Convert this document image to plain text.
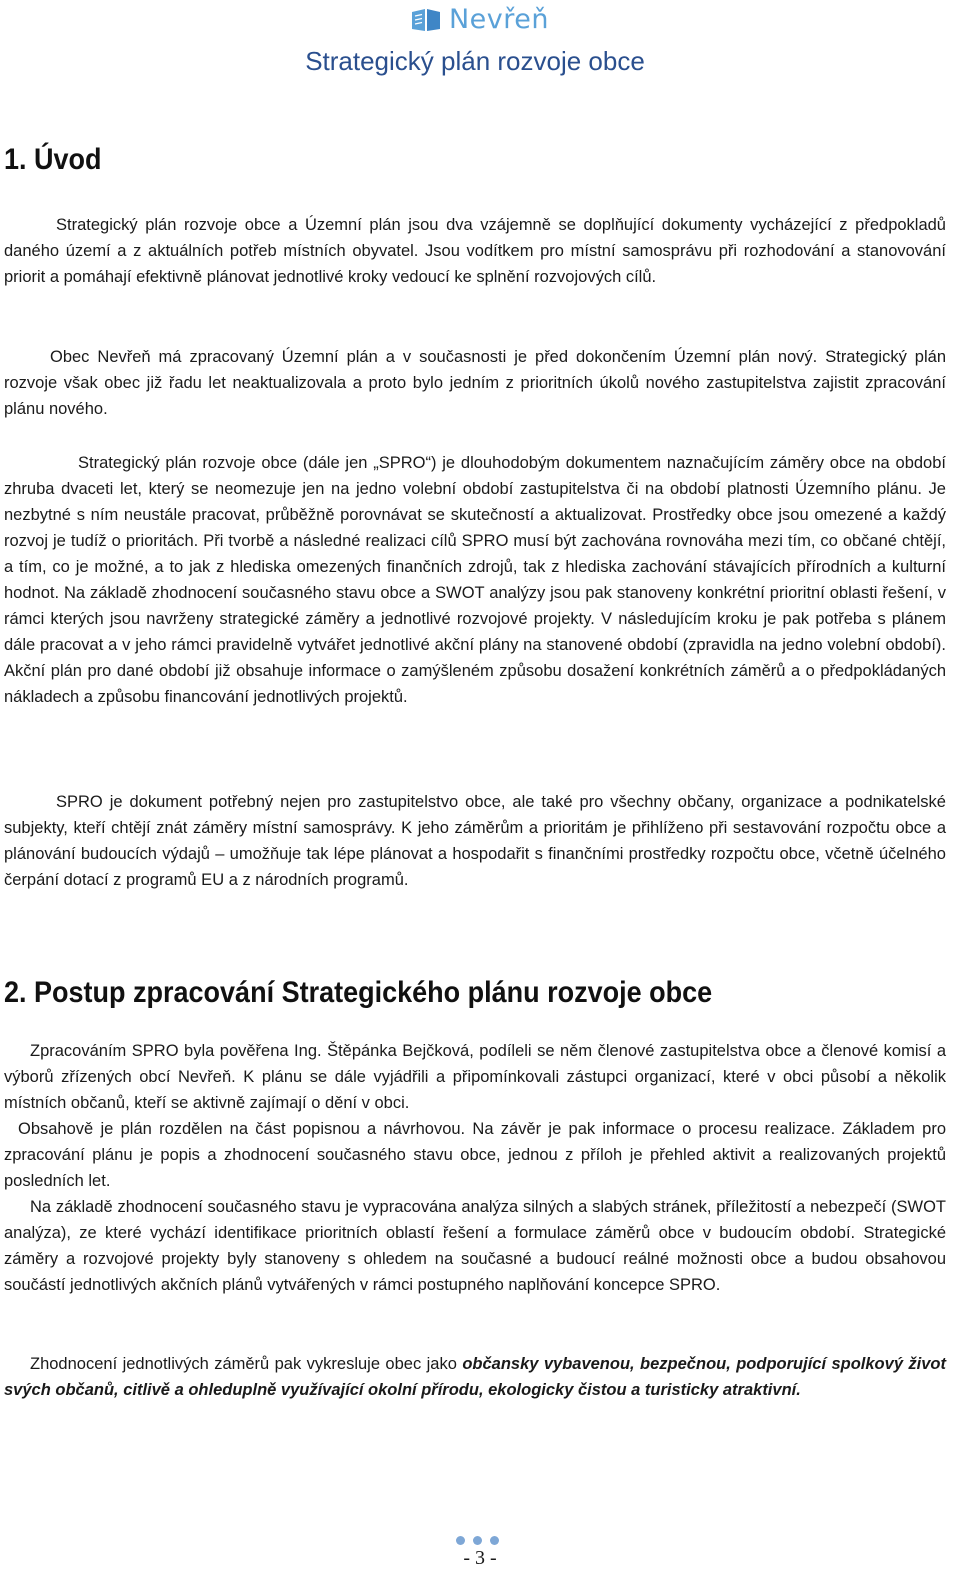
Nevřeň
Strategický plán rozvoje obce
1. Úvod

Strategický plán rozvoje obce a Územní plán jsou dva vzájemně se doplňující dokumenty vycházející z předpokladů daného území a z aktuálních potřeb místních obyvatel. Jsou vodítkem pro místní samosprávu při rozhodování a stanovování priorit a pomáhají efektivně plánovat jednotlivé kroky vedoucí ke splnění rozvojových cílů.

Obec Nevřeň má zpracovaný Územní plán a v současnosti je před dokončením Územní plán nový. Strategický plán rozvoje však obec již řadu let neaktualizovala a proto bylo jedním z prioritních úkolů nového zastupitelstva zajistit zpracování plánu nového.

Strategický plán rozvoje obce (dále jen „SPRO“) je dlouhodobým dokumentem naznačujícím záměry obce na období zhruba dvaceti let, který se neomezuje jen na jedno volební období zastupitelstva či na období platnosti Územního plánu. Je nezbytné s ním neustále pracovat, průběžně porovnávat se skutečností a aktualizovat. Prostředky obce jsou omezené a každý rozvoj je tudíž o prioritách. Při tvorbě a následné realizaci cílů SPRO musí být zachována rovnováha mezi tím, co občané chtějí, a tím, co je možné, a to jak z hlediska omezených finančních zdrojů, tak z hlediska zachování stávajících přírodních a kulturní hodnot. Na základě zhodnocení současného stavu obce a SWOT analýzy jsou pak stanoveny konkrétní prioritní oblasti řešení, v rámci kterých jsou navrženy strategické záměry a jednotlivé rozvojové projekty. V následujícím kroku je pak potřeba s plánem dále pracovat a v jeho rámci pravidelně vytvářet jednotlivé akční plány na stanovené období (zpravidla na jedno volební období). Akční plán pro dané období již obsahuje informace o zamýšleném způsobu dosažení konkrétních záměrů a o předpokládaných nákladech a způsobu financování jednotlivých projektů.

SPRO je dokument potřebný nejen pro zastupitelstvo obce, ale také pro všechny občany, organizace a podnikatelské subjekty, kteří chtějí znát záměry místní samosprávy. K jeho záměrům a prioritám je přihlíženo při sestavování rozpočtu obce a plánování budoucích výdajů – umožňuje tak lépe plánovat a hospodařit s finančními prostředky rozpočtu obce, včetně účelného čerpání dotací z programů EU a z národních programů.

2. Postup zpracování Strategického plánu rozvoje obce

Zpracováním SPRO byla pověřena Ing. Štěpánka Bejčková, podíleli se něm členové zastupitelstva obce a členové komisí a výborů zřízených obcí Nevřeň. K plánu se dále vyjádřili a připomínkovali zástupci organizací, které v obci působí a několik místních občanů, kteří se aktivně zajímají o dění v obci.

Obsahově je plán rozdělen na část popisnou a návrhovou. Na závěr je pak informace o procesu realizace. Základem pro zpracování plánu je popis a zhodnocení současného stavu obce, jednou z příloh je přehled aktivit a realizovaných projektů posledních let.

Na základě zhodnocení současného stavu je vypracována analýza silných a slabých stránek, příležitostí a nebezpečí (SWOT analýza), ze které vychází identifikace prioritních oblastí řešení a formulace záměrů obce v budoucím období. Strategické záměry a rozvojové projekty byly stanoveny s ohledem na současné a budoucí reálné možnosti obce a budou obsahovou součástí jednotlivých akčních plánů vytvářených v rámci postupného naplňování koncepce SPRO.

Zhodnocení jednotlivých záměrů pak vykresluje obec jako občansky vybavenou, bezpečnou, podporující spolkový život svých občanů, citlivě a ohleduplně využívající okolní přírodu, ekologicky čistou a turisticky atraktivní.

- 3 -
